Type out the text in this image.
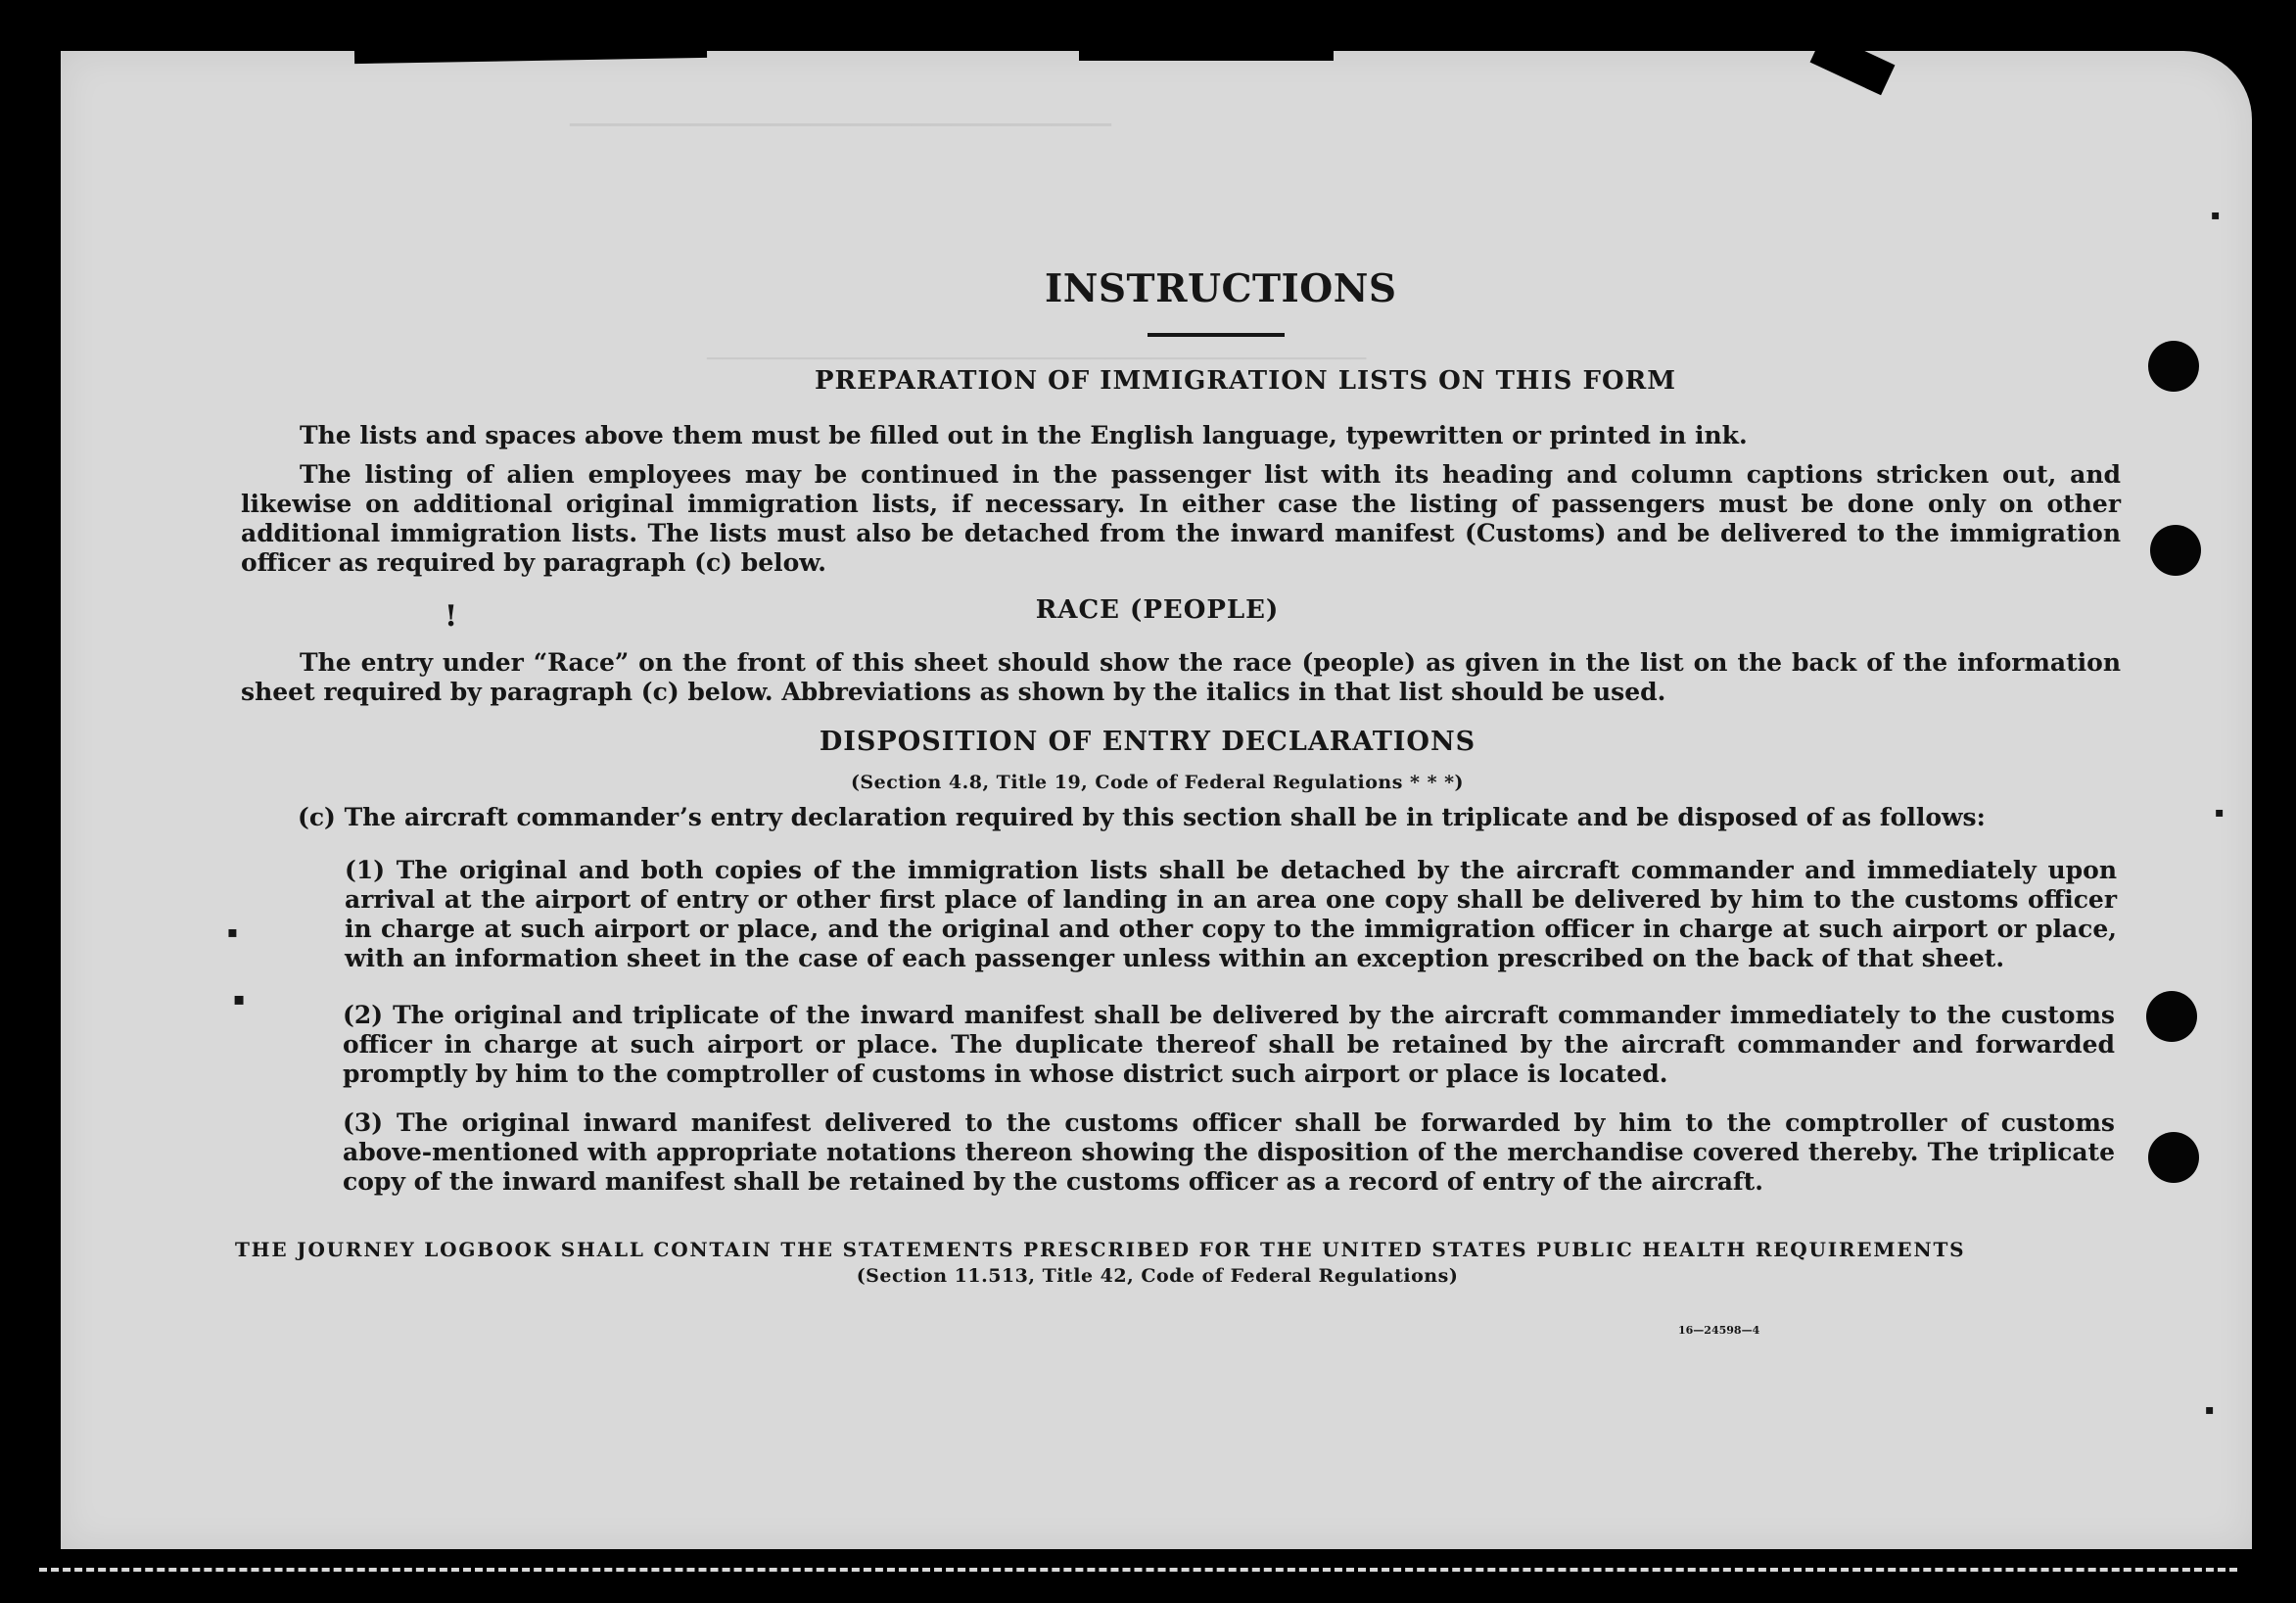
───────────────────────────
───────────────────────────────────────────
INSTRUCTIONS
PREPARATION OF IMMIGRATION LISTS ON THIS FORM
The lists and spaces above them must be filled out in the English language, typewritten or printed in ink.
The listing of alien employees may be continued in the passenger list with its heading and column captions stricken out, and likewise on additional original immigration lists, if necessary. In either case the listing of passengers must be done only on other additional immigration lists. The lists must also be detached from the inward manifest (Customs) and be delivered to the immigration officer as required by paragraph (c) below.
!	RACE (PEOPLE)
The entry under “Race” on the front of this sheet should show the race (people) as given in the list on the back of the information sheet required by paragraph (c) below. Abbreviations as shown by the italics in that list should be used.
DISPOSITION OF ENTRY DECLARATIONS
(Section 4.8, Title 19, Code of Federal Regulations * * *)
(c) The aircraft commander’s entry declaration required by this section shall be in triplicate and be disposed of as follows:
(1) The original and both copies of the immigration lists shall be detached by the aircraft commander and immediately upon arrival at the airport of entry or other first place of landing in an area one copy shall be delivered by him to the customs officer in charge at such airport or place, and the original and other copy to the immigration officer in charge at such airport or place, with an information sheet in the case of each passenger unless within an exception prescribed on the back of that sheet.
(2) The original and triplicate of the inward manifest shall be delivered by the aircraft commander immediately to the customs officer in charge at such airport or place. The duplicate thereof shall be retained by the aircraft commander and forwarded promptly by him to the comptroller of customs in whose district such airport or place is located.
(3) The original inward manifest delivered to the customs officer shall be forwarded by him to the comptroller of customs above-mentioned with appropriate notations thereon showing the disposition of the merchandise covered thereby. The triplicate copy of the inward manifest shall be retained by the customs officer as a record of entry of the aircraft.
THE JOURNEY LOGBOOK SHALL CONTAIN THE STATEMENTS PRESCRIBED FOR THE UNITED STATES PUBLIC HEALTH REQUIREMENTS
(Section 11.513, Title 42, Code of Federal Regulations)
16—24598—4
▪
▪
▪
▪
▪
